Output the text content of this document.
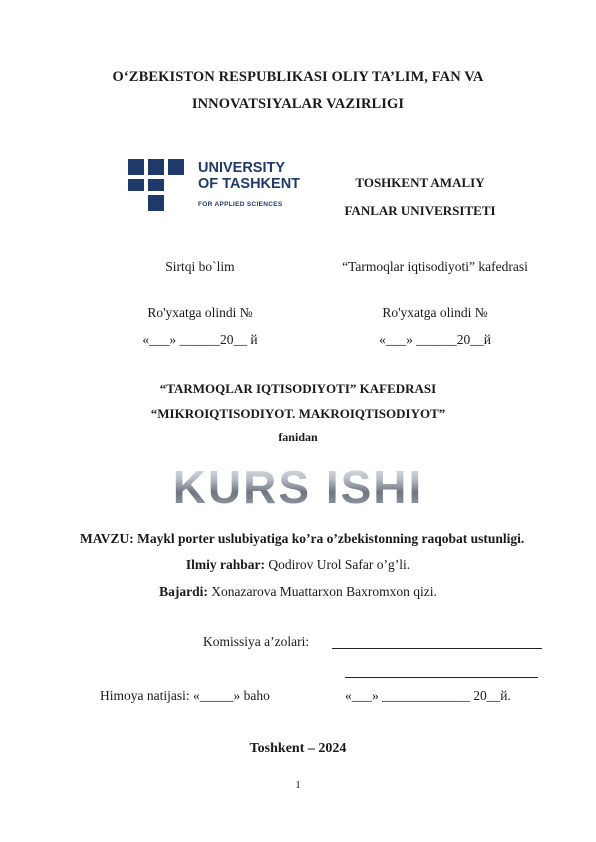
O‘ZBEKISTON RESPUBLIKASI OLIY TA’LIM, FAN VA
INNOVATSIYALAR VAZIRLIGI
UNIVERSITY
OF TASHKENT
FOR APPLIED SCIENCES
TOSHKENT AMALIY
FANLAR UNIVERSITETI
Sirtqi bo`lim	“Tarmoqlar iqtisodiyoti” kafedrasi
Ro'yxatga olindi №	Ro'yxatga olindi №
«___» ______20__ й	«___» ______20__й
“TARMOQLAR IQTISODIYOTI” KAFEDRASI
“MIKROIQTISODIYOT. MAKROIQTISODIYOT”
fanidan
KURS ISHI
MAVZU: Maykl porter uslubiyatiga ko’ra o’zbekistonning raqobat ustunligi.
Ilmiy rahbar: Qodirov Urol Safar o’g’li.
Bajardi: Xonazarova Muattarxon Baxromxon qizi.
Komissiya a’zolari:
Himoya natijasi: «_____» baho	«___» _____________ 20__й.
Toshkent – 2024
1
